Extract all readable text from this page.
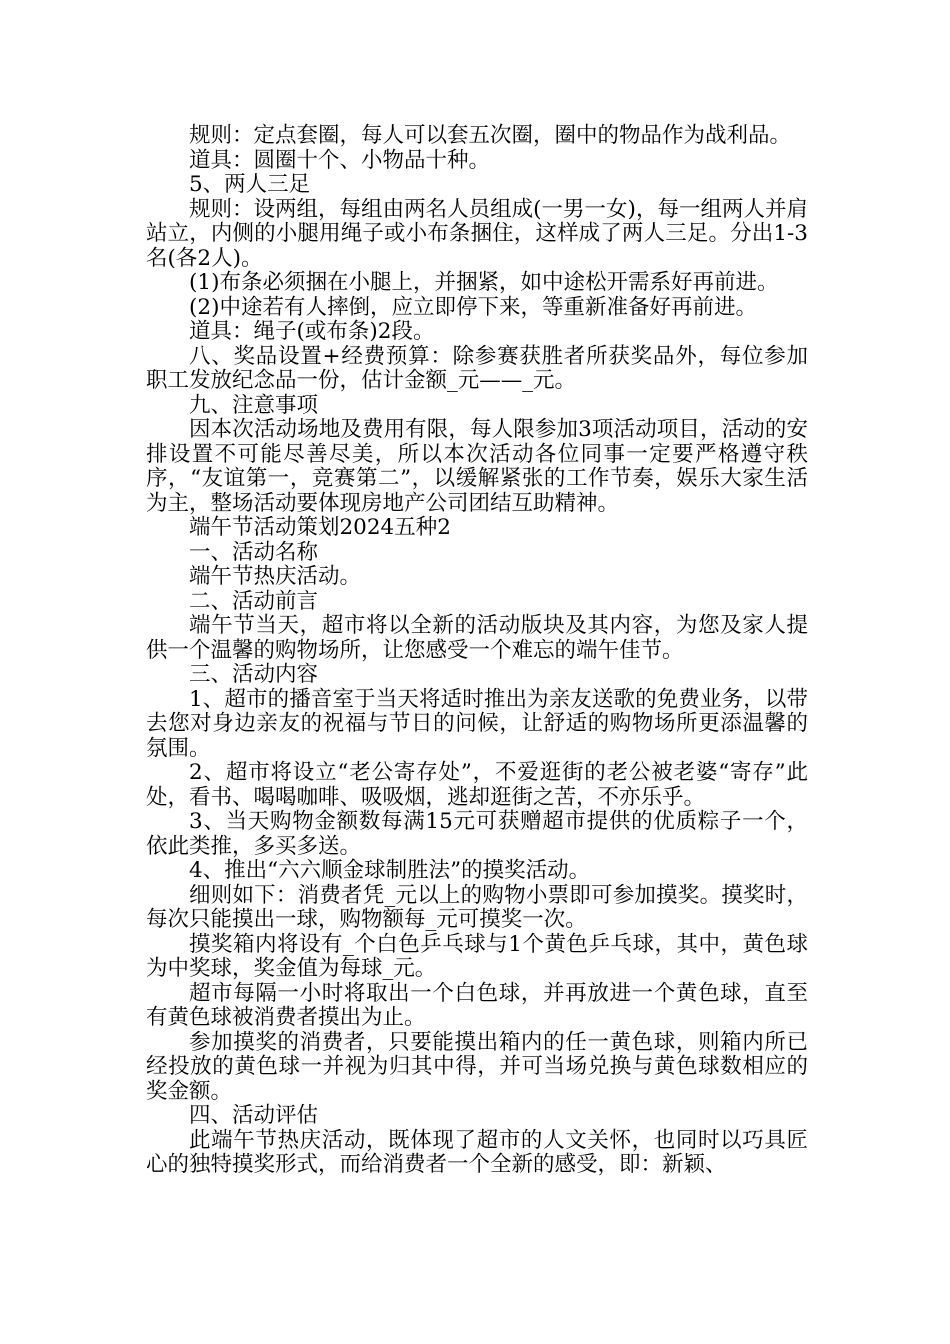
规则：定点套圈，每人可以套五次圈，圈中的物品作为战利品。

道具：圆圈十个、小物品十种。

5、两人三足

规则：设两组，每组由两名人员组成(一男一女)，每一组两人并肩站立，内侧的小腿用绳子或小布条捆住，这样成了两人三足。分出1-3名(各2人)。

(1)布条必须捆在小腿上，并捆紧，如中途松开需系好再前进。

(2)中途若有人摔倒，应立即停下来，等重新准备好再前进。

道具：绳子(或布条)2段。

八、奖品设置+经费预算：除参赛获胜者所获奖品外，每位参加职工发放纪念品一份，估计金额_元——_元。

九、注意事项

因本次活动场地及费用有限，每人限参加3项活动项目，活动的安排设置不可能尽善尽美，所以本次活动各位同事一定要严格遵守秩序，“友谊第一，竞赛第二”，以缓解紧张的工作节奏，娱乐大家生活为主，整场活动要体现房地产公司团结互助精神。

端午节活动策划2024五种2

一、活动名称

端午节热庆活动。

二、活动前言

端午节当天，超市将以全新的活动版块及其内容，为您及家人提供一个温馨的购物场所，让您感受一个难忘的端午佳节。

三、活动内容

1、超市的播音室于当天将适时推出为亲友送歌的免费业务，以带去您对身边亲友的祝福与节日的问候，让舒适的购物场所更添温馨的氛围。

2、超市将设立“老公寄存处”，不爱逛街的老公被老婆“寄存”此处，看书、喝喝咖啡、吸吸烟，逃却逛街之苦，不亦乐乎。

3、当天购物金额数每满15元可获赠超市提供的优质粽子一个，依此类推，多买多送。

4、推出“六六顺金球制胜法”的摸奖活动。

细则如下：消费者凭_元以上的购物小票即可参加摸奖。摸奖时，每次只能摸出一球，购物额每_元可摸奖一次。

摸奖箱内将设有_个白色乒乓球与1个黄色乒乓球，其中，黄色球为中奖球，奖金值为每球_元。

超市每隔一小时将取出一个白色球，并再放进一个黄色球，直至有黄色球被消费者摸出为止。

参加摸奖的消费者，只要能摸出箱内的任一黄色球，则箱内所已经投放的黄色球一并视为归其中得，并可当场兑换与黄色球数相应的奖金额。

四、活动评估

此端午节热庆活动，既体现了超市的人文关怀，也同时以巧具匠心的独特摸奖形式，而给消费者一个全新的感受，即：新颖、
